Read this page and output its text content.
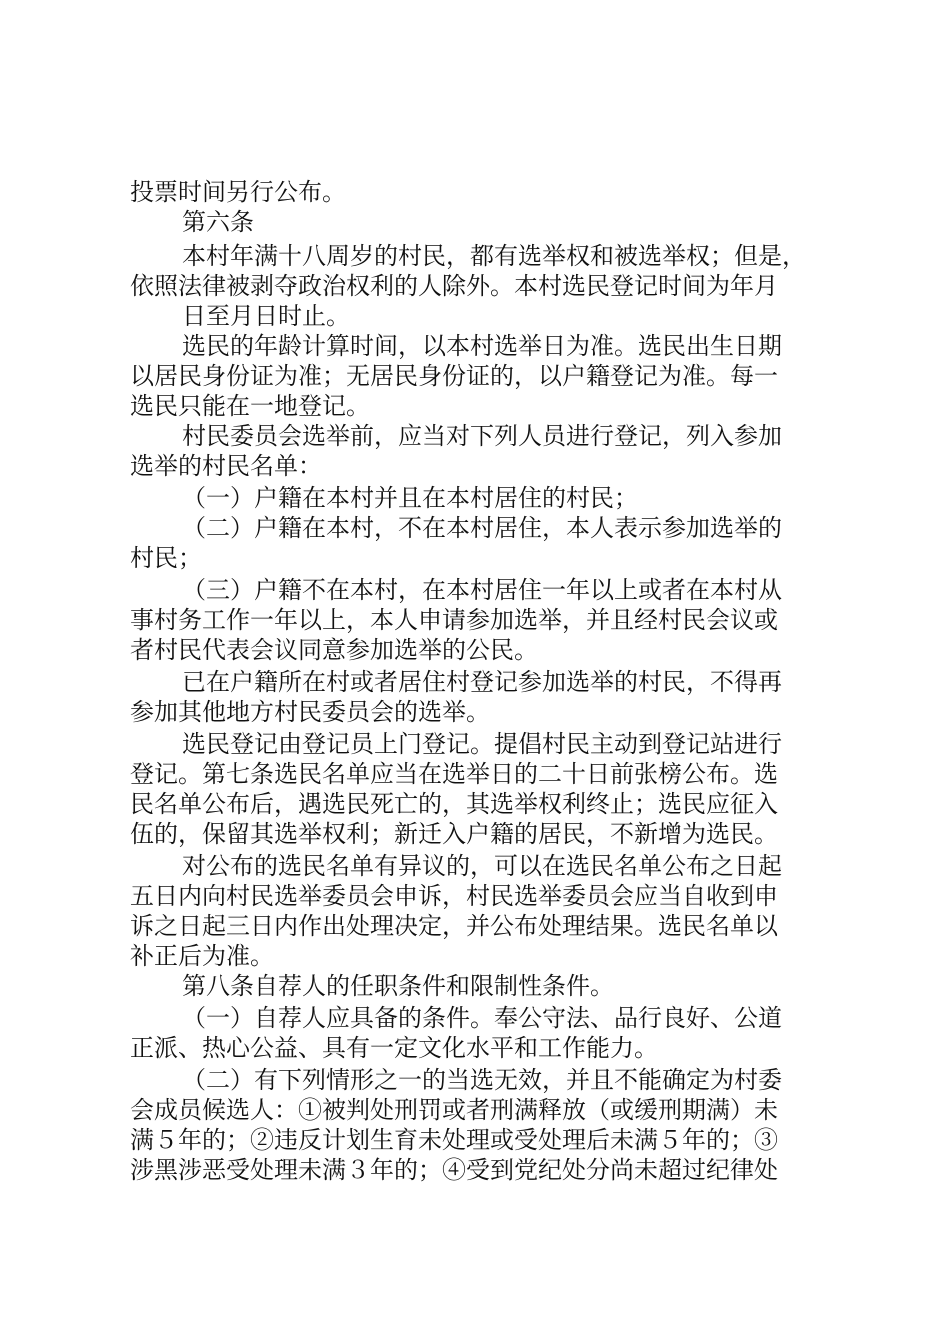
投票时间另行公布。
第六条
本村年满十八周岁的村民，都有选举权和被选举权；但是，
依照法律被剥夺政治权利的人除外。本村选民登记时间为年月
日至月日时止。
选民的年龄计算时间，以本村选举日为准。选民出生日期
以居民身份证为准；无居民身份证的，以户籍登记为准。每一
选民只能在一地登记。
村民委员会选举前，应当对下列人员进行登记，列入参加
选举的村民名单：
（一）户籍在本村并且在本村居住的村民；
（二）户籍在本村，不在本村居住，本人表示参加选举的
村民；
（三）户籍不在本村，在本村居住一年以上或者在本村从
事村务工作一年以上，本人申请参加选举，并且经村民会议或
者村民代表会议同意参加选举的公民。
已在户籍所在村或者居住村登记参加选举的村民，不得再
参加其他地方村民委员会的选举。
选民登记由登记员上门登记。提倡村民主动到登记站进行
登记。第七条选民名单应当在选举日的二十日前张榜公布。选
民名单公布后，遇选民死亡的，其选举权利终止；选民应征入
伍的，保留其选举权利；新迁入户籍的居民，不新增为选民。
对公布的选民名单有异议的，可以在选民名单公布之日起
五日内向村民选举委员会申诉，村民选举委员会应当自收到申
诉之日起三日内作出处理决定，并公布处理结果。选民名单以
补正后为准。
第八条自荐人的任职条件和限制性条件。
（一）自荐人应具备的条件。奉公守法、品行良好、公道
正派、热心公益、具有一定文化水平和工作能力。
（二）有下列情形之一的当选无效，并且不能确定为村委
会成员候选人：①被判处刑罚或者刑满释放（或缓刑期满）未
满５年的；②违反计划生育未处理或受处理后未满５年的；③
涉黑涉恶受处理未满３年的；④受到党纪处分尚未超过纪律处
